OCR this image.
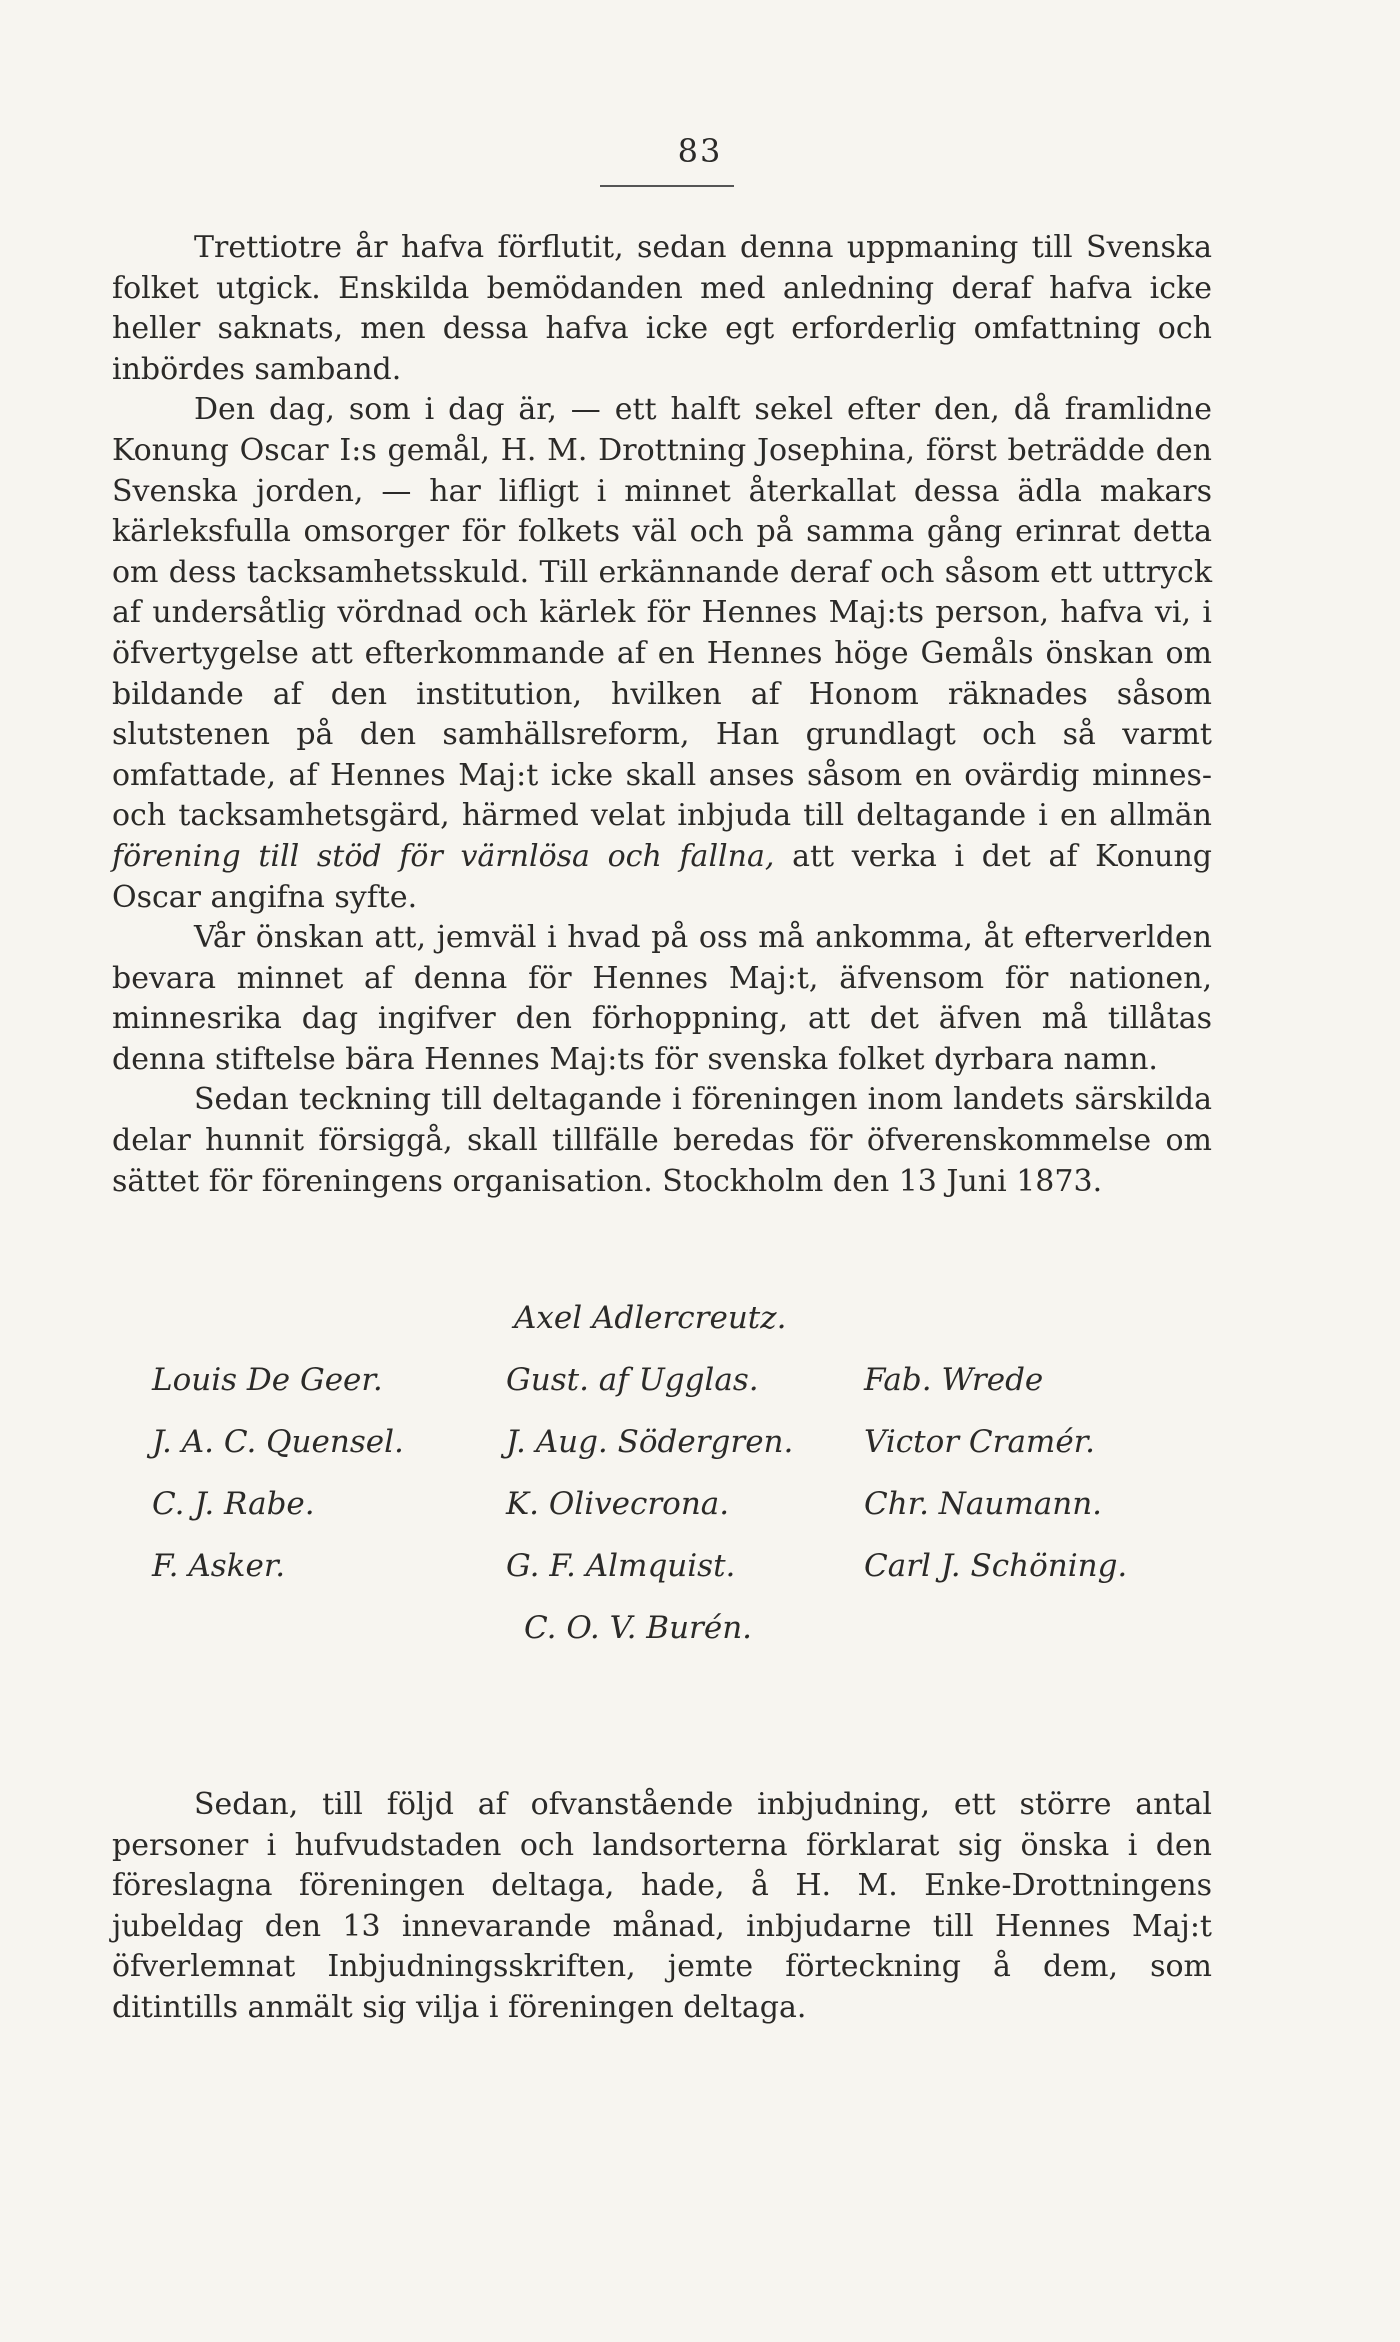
83

Trettiotre år hafva förflutit, sedan denna uppmaning till Svenska folket utgick. Enskilda bemödanden med anledning deraf hafva icke heller saknats, men dessa hafva icke egt erforderlig omfattning och inbördes samband.

Den dag, som i dag är, — ett halft sekel efter den, då framlidne Konung Oscar I:s gemål, H. M. Drottning Josephina, först beträdde den Svenska jorden, — har lifligt i minnet återkallat dessa ädla makars kärleksfulla omsorger för folkets väl och på samma gång erinrat detta om dess tacksamhetsskuld. Till erkännande deraf och såsom ett uttryck af undersåtlig vördnad och kärlek för Hennes Maj:ts person, hafva vi, i öfvertygelse att efterkommande af en Hennes höge Gemåls önskan om bildande af den institution, hvilken af Honom räknades såsom slutstenen på den samhällsreform, Han grundlagt och så varmt omfattade, af Hennes Maj:t icke skall anses såsom en ovärdig minnes- och tacksamhetsgärd, härmed velat inbjuda till deltagande i en allmän förening till stöd för värnlösa och fallna, att verka i det af Konung Oscar angifna syfte.

Vår önskan att, jemväl i hvad på oss må ankomma, åt efterverlden bevara minnet af denna för Hennes Maj:t, äfvensom för nationen, minnesrika dag ingifver den förhoppning, att det äfven må tillåtas denna stiftelse bära Hennes Maj:ts för svenska folket dyrbara namn.

Sedan teckning till deltagande i föreningen inom landets särskilda delar hunnit försiggå, skall tillfälle beredas för öfverenskommelse om sättet för föreningens organisation. Stockholm den 13 Juni 1873.

Axel Adlercreutz.
Louis De Geer.
J. A. C. Quensel.
C. J. Rabe.
F. Asker.
Gust. af Ugglas.
J. Aug. Södergren.
K. Olivecrona.
G. F. Almquist.
C. O. V. Burén.
Fab. Wrede
Victor Cramér.
Chr. Naumann.
Carl J. Schöning.

Sedan, till följd af ofvanstående inbjudning, ett större antal personer i hufvudstaden och landsorterna förklarat sig önska i den föreslagna föreningen deltaga, hade, å H. M. Enke-Drottningens jubeldag den 13 innevarande månad, inbjudarne till Hennes Maj:t öfverlemnat Inbjudningsskriften, jemte förteckning å dem, som ditintills anmält sig vilja i föreningen deltaga.
